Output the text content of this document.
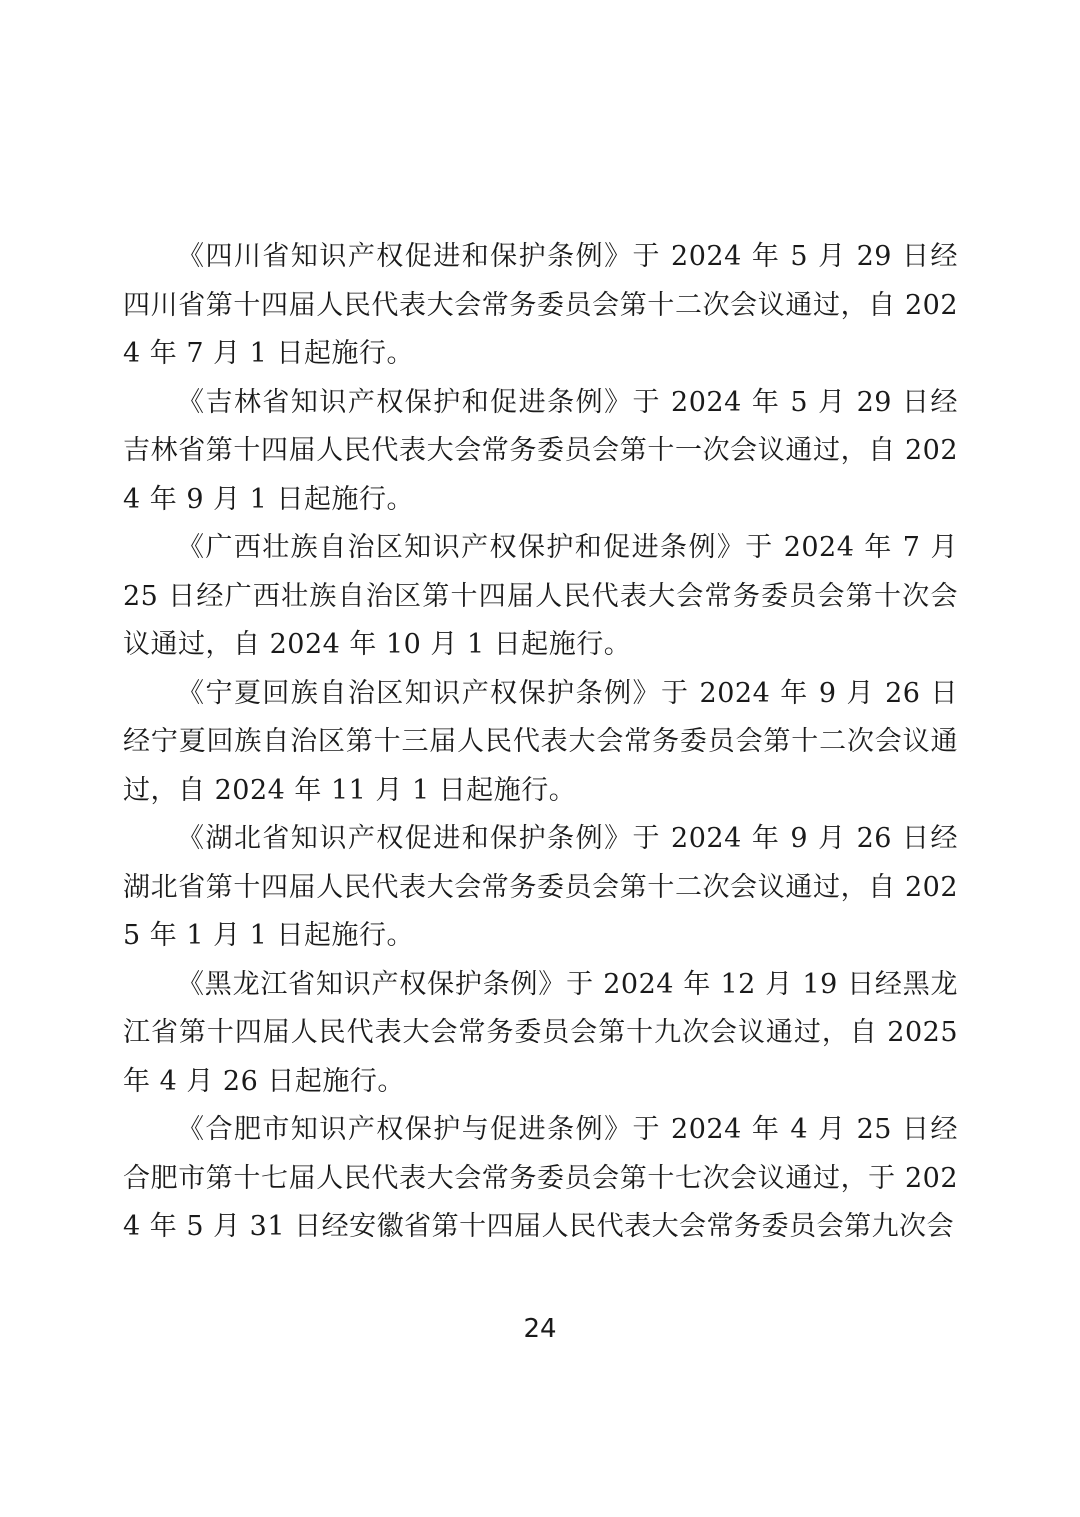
《四川省知识产权促进和保护条例》于 2024 年 5 月 29 日经四川省第十四届人民代表大会常务委员会第十二次会议通过，自 2024 年 7 月 1 日起施行。

《吉林省知识产权保护和促进条例》于 2024 年 5 月 29 日经吉林省第十四届人民代表大会常务委员会第十一次会议通过，自 2024 年 9 月 1 日起施行。

《广西壮族自治区知识产权保护和促进条例》于 2024 年 7 月 25 日经广西壮族自治区第十四届人民代表大会常务委员会第十次会议通过，自 2024 年 10 月 1 日起施行。

《宁夏回族自治区知识产权保护条例》于 2024 年 9 月 26 日经宁夏回族自治区第十三届人民代表大会常务委员会第十二次会议通过，自 2024 年 11 月 1 日起施行。

《湖北省知识产权促进和保护条例》于 2024 年 9 月 26 日经湖北省第十四届人民代表大会常务委员会第十二次会议通过，自 2025 年 1 月 1 日起施行。

《黑龙江省知识产权保护条例》于 2024 年 12 月 19 日经黑龙江省第十四届人民代表大会常务委员会第十九次会议通过，自 2025 年 4 月 26 日起施行。

《合肥市知识产权保护与促进条例》于 2024 年 4 月 25 日经合肥市第十七届人民代表大会常务委员会第十七次会议通过，于 2024 年 5 月 31 日经安徽省第十四届人民代表大会常务委员会第九次会

24
